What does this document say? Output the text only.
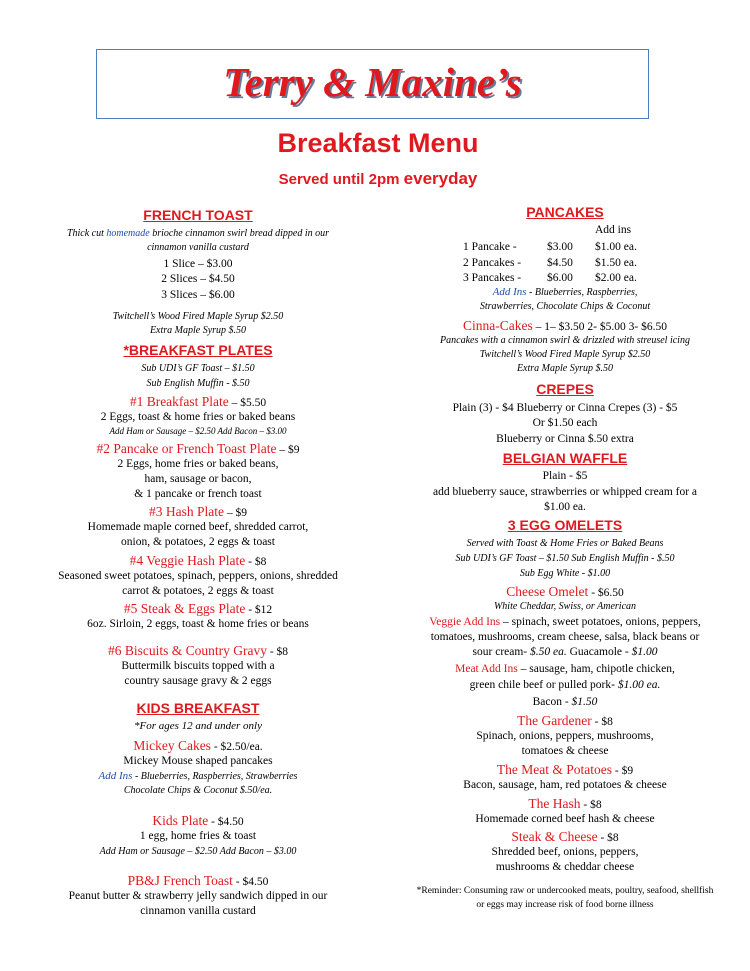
Terry & Maxine’s
Breakfast Menu
Served until 2pm everyday
FRENCH TOAST
Thick cut homemade brioche cinnamon swirl bread dipped in our
cinnamon vanilla custard
1 Slice – $3.00
2 Slices – $4.50
3 Slices – $6.00
Twitchell’s Wood Fired Maple Syrup $2.50
Extra Maple Syrup $.50
*BREAKFAST PLATES
Sub UDI’s GF Toast – $1.50
Sub English Muffin - $.50
#1 Breakfast Plate – $5.50
2 Eggs, toast & home fries or baked beans
Add Ham or Sausage – $2.50 Add Bacon – $3.00
#2 Pancake or French Toast Plate – $9
2 Eggs, home fries or baked beans,
ham, sausage or bacon,
& 1 pancake or french toast
#3 Hash Plate – $9
Homemade maple corned beef, shredded carrot,
onion, & potatoes, 2 eggs & toast
#4 Veggie Hash Plate - $8
Seasoned sweet potatoes, spinach, peppers, onions, shredded
carrot & potatoes, 2 eggs & toast
#5 Steak & Eggs Plate - $12
6oz. Sirloin, 2 eggs, toast & home fries or beans
#6 Biscuits & Country Gravy - $8
Buttermilk biscuits topped with a
country sausage gravy & 2 eggs
KIDS BREAKFAST
*For ages 12 and under only
Mickey Cakes - $2.50/ea.
Mickey Mouse shaped pancakes
Add Ins - Blueberries, Raspberries, Strawberries
Chocolate Chips & Coconut $.50/ea.
Kids Plate - $4.50
1 egg, home fries & toast
Add Ham or Sausage – $2.50 Add Bacon – $3.00
PB&J French Toast - $4.50
Peanut butter & strawberry jelly sandwich dipped in our
cinnamon vanilla custard
PANCAKES
Add ins
1 Pancake -	$3.00 $1.00 ea.
2 Pancakes - $4.50 $1.50 ea.
3 Pancakes - $6.00 $2.00 ea.
Add Ins - Blueberries, Raspberries,
Strawberries, Chocolate Chips & Coconut
Cinna-Cakes – 1– $3.50 2- $5.00 3- $6.50
Pancakes with a cinnamon swirl & drizzled with streusel icing
Twitchell’s Wood Fired Maple Syrup $2.50
Extra Maple Syrup $.50
CREPES
Plain (3) - $4 Blueberry or Cinna Crepes (3) - $5
Or $1.50 each
Blueberry or Cinna $.50 extra
BELGIAN WAFFLE
Plain - $5
add blueberry sauce, strawberries or whipped cream for a
$1.00 ea.
3 EGG OMELETS
Served with Toast & Home Fries or Baked Beans
Sub UDI’s GF Toast – $1.50 Sub English Muffin - $.50
Sub Egg White - $1.00
Cheese Omelet - $6.50
White Cheddar, Swiss, or American
Veggie Add Ins – spinach, sweet potatoes, onions, peppers,
tomatoes, mushrooms, cream cheese, salsa, black beans or
sour cream- $.50 ea. Guacamole - $1.00
Meat Add Ins – sausage, ham, chipotle chicken,
green chile beef or pulled pork- $1.00 ea.
Bacon - $1.50
The Gardener - $8
Spinach, onions, peppers, mushrooms,
tomatoes & cheese
The Meat & Potatoes - $9
Bacon, sausage, ham, red potatoes & cheese
The Hash - $8
Homemade corned beef hash & cheese
Steak & Cheese - $8
Shredded beef, onions, peppers,
mushrooms & cheddar cheese
*Reminder: Consuming raw or undercooked meats, poultry, seafood, shellfish
or eggs may increase risk of food borne illness
